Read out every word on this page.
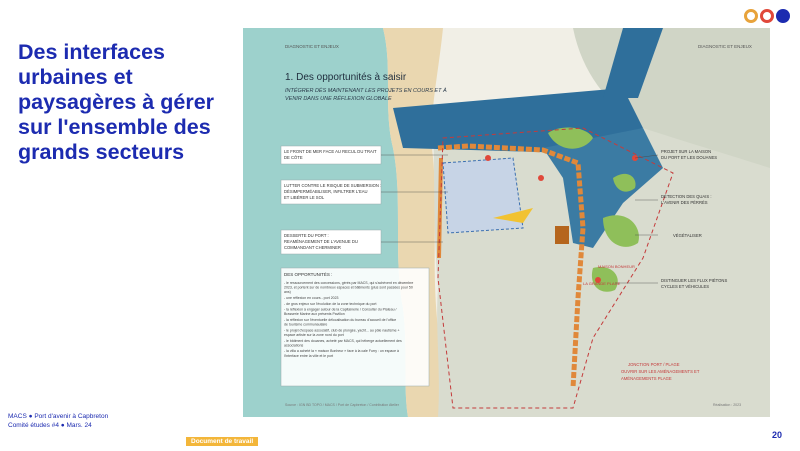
Des interfaces urbaines et paysagères à gérer sur l'ensemble des grands secteurs
DIAGNOSTIC ET ENJEUX	DIAGNOSTIC ET ENJEUX
1. Des opportunités à saisir
INTÉGRER DÈS MAINTENANT LES PROJETS EN COURS ET À
VENIR DANS UNE RÉFLEXION GLOBALE
LE FRONT DE MER FACE AU RECUL DU TRAIT
DE CÔTE
LUTTER CONTRE LE RISQUE DE SUBMERSION :
DÉSIMPERMÉABILISER, INFILTRER L'EAU
ET LIBÉRER LE SOL
DESSERTE DU PORT :
REAMÉNAGEMENT DE L'AVENUE DU
COMMANDANT CHERMINER
PROJET SUR LA MAISON
DU PORT ET LES DOUANES
DÉTECTION DES QUAIS :
L'AVENIR DES PÉRRÉS
VÉGÉTALISER
DISTINGUER LES FLUX PIÉTONS
CYCLES ET VÉHICULES
MAISON BONHEUR
LA GRANDE PLAGE
JONCTION PORT / PLAGE
OUVRIR SUR LES AMÉNAGEMENTS ET
AMÉNAGEMENTS PLAGE
DES OPPORTUNITÉS :
- le ressourcement des concessions, gérés par MACS, qui s'achèvent en décembre 2023, et portent sur de nombreux espaces et bâtiments (plus sont passées pour 50 ans)
- une réflexion en cours - port 2023
- de gros enjeux sur l'évolution de la zone technique du port
- la réflexion à engager autour de la Capitainerie / Consulter du Plateau / Brasserie Marine aux présents Pavillon
- la réflexion sur l'éventuelle délocalisation du bureau d'accueil de l'office de tourisme communautaire
- le projet d'espace associatif, club de plongée, yacht... au pôle nautisme + espace artiste sur la zone nord du port
- le bâtiment des douanes, acheté par MACS, qui héberge actuellement des associations
- la villa a acheté la « maison Bonheur » face à la cale Furry : un espace à l'interface entre la ville et le port
Source : IGN BD TOPO / MACS / Port de Capbreton / Contribution Atelier	Réalisation : 2023
MACS ● Port d'avenir à Capbreton
Comité études #4 ● Mars. 24
Document de travail
20
